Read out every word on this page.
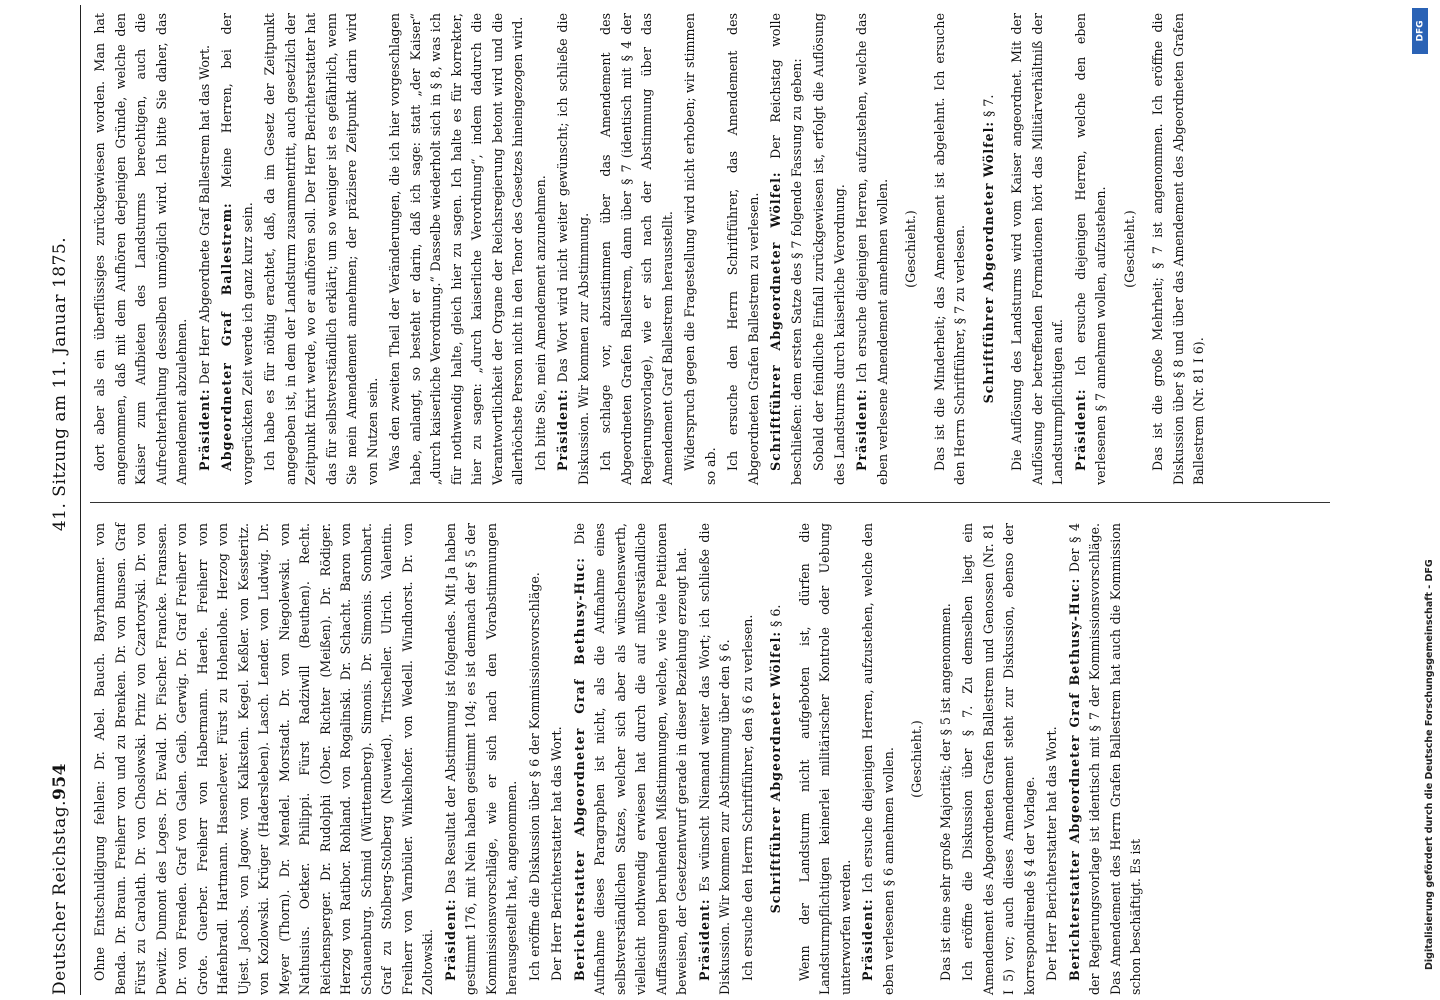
954
41. Sitzung am 11. Januar 1875.
Deutscher Reichstag. Ohne Entschuldigung fehlen: Dr. Abel. Bauch. Bayrhammer. von Benda. Dr. Braun. Freiherr von und zu Brenken. Dr. von Bunsen. Graf Fürst zu Carolath. Dr. von Choslowski. Prinz von Czartoryski. Dr. von Dewitz. Dumont des Loges. Dr. Ewald. Dr. Fischer. Francke. Franssen. Dr. von Frenden. Graf von Galen. Geib. Gerwig. Dr. Graf Freiherr von Grote. Guerber. Freiherr von Habermann. Haerle. Freiherr von Hafenbradl. Hartmann. Hasenclever. Fürst zu Hohenlohe. Herzog von Ujest. Jacobs. von Jagow. von Kalkstein. Kegel. Keßler. von Kessteritz. von Kozlowski. Krüger (Hadersleben). Lasch. Lender. von Ludwig. Dr. Meyer (Thorn). Dr. Mendel. Morstadt. Dr. von Niegolewski. von Nathusius. Oetker. Philippi. Fürst Radziwill (Beuthen). Recht. Reichensperger. Dr. Rudolphi (Ober. Richter (Meißen). Dr. Rödiger. Herzog von Ratibor. Rohland. von Rogalinski. Dr. Schacht. Baron von Schauenburg. Schmid (Württemberg). Simonis. Dr. Simonis. Sombart. Graf zu Stolberg-Stolberg (Neuwied). Tritscheller. Ulrich. Valentin. Freiherr von Varnbüler. Winkelhofer. von Wedell. Windhorst. Dr. von Zoltowski. Präsident: Das Resultat der Abstimmung ist folgendes. Mit Ja haben gestimmt 176, mit Nein haben gestimmt 104; es ist demnach der § 5 der Kommissionsvorschläge, wie er sich nach den Vorabstimmungen herausgestellt hat, angenommen. Ich eröffne die Diskussion über § 6 der Kommissionsvorschläge. Der Herr Berichterstatter hat das Wort. Berichterstatter Abgeordneter Graf Bethusy-Huc: Die Aufnahme dieses Paragraphen ist nicht, als die Aufnahme eines selbstverständlichen Satzes, welcher sich aber als wünschenswerth, vielleicht nothwendig erwiesen hat durch die auf mißverständliche Auffassungen beruhenden Mißstimmungen, welche, wie viele Petitionen beweisen, der Gesetzentwurf gerade in dieser Beziehung erzeugt hat. Präsident: Es wünscht Niemand weiter das Wort; ich schließe die Diskussion. Wir kommen zur Abstimmung über den § 6. Ich ersuche den Herrn Schriftführer, den § 6 zu verlesen. Schriftführer Abgeordneter Wölfel: § 6. Wenn der Landsturm nicht aufgeboten ist, dürfen die Landsturmpflichtigen keinerlei militärischer Kontrole oder Uebung unterworfen werden. Präsident: Ich ersuche diejenigen Herren, aufzustehen, welche den eben verlesenen § 6 annehmen wollen. (Geschieht.) Das ist eine sehr große Majorität; der § 5 ist angenommen. Ich eröffne die Diskussion über § 7. Zu demselben liegt ein Amendement des Abgeordneten Grafen Ballestrem und Genossen (Nr. 81 I 5) vor; auch dieses Amendement steht zur Diskussion, ebenso der korrespondirende § 4 der Vorlage. Der Herr Berichterstatter hat das Wort. Berichterstatter Abgeordneter Graf Bethusy-Huc: Der § 4 der Regierungsvorlage ist identisch mit § 7 der Kommissionsvorschläge. Das Amendement des Herrn Grafen Ballestrem hat auch die Kommission schon beschäftigt. Es ist

dort aber als ein überflüssiges zurückgewiesen worden. Man hat angenommen, daß mit dem Aufhören derjenigen Gründe, welche den Kaiser zum Aufbieten des Landsturms berechtigen, auch die Aufrechterhaltung desselben unmöglich wird. Ich bitte Sie daher, das Amendement abzulehnen. Präsident: Der Herr Abgeordnete Graf Ballestrem hat das Wort. Abgeordneter Graf Ballestrem: Meine Herren, bei der vorgerückten Zeit werde ich ganz kurz sein. Ich habe es für nöthig erachtet, daß, da im Gesetz der Zeitpunkt angegeben ist, in dem der Landsturm zusammentritt, auch gesetzlich der Zeitpunkt fixirt werde, wo er aufhören soll. Der Herr Berichterstatter hat das für selbstverständlich erklärt; um so weniger ist es gefährlich, wenn Sie mein Amendement annehmen; der präzisere Zeitpunkt darin wird von Nutzen sein. Was den zweiten Theil der Veränderungen, die ich hier vorgeschlagen habe, anlangt, so besteht er darin, daß ich sage: statt „der Kaiser“ „durch kaiserliche Verordnung.“ Dasselbe wiederholt sich in § 8, was ich für nothwendig halte, gleich hier zu sagen. Ich halte es für korrekter, hier zu sagen: „durch kaiserliche Verordnung“, indem dadurch die Verantwortlichkeit der Organe der Reichsregierung betont wird und die allerhöchste Person nicht in den Tenor des Gesetzes hineingezogen wird. Ich bitte Sie, mein Amendement anzunehmen. Präsident: Das Wort wird nicht weiter gewünscht; ich schließe die Diskussion. Wir kommen zur Abstimmung. Ich schlage vor, abzustimmen über das Amendement des Abgeordneten Grafen Ballestrem, dann über § 7 (identisch mit § 4 der Regierungsvorlage), wie er sich nach der Abstimmung über das Amendement Graf Ballestrem herausstellt. Widerspruch gegen die Fragestellung wird nicht erhoben; wir stimmen so ab. Ich ersuche den Herrn Schriftführer, das Amendement des Abgeordneten Grafen Ballestrem zu verlesen. Schriftführer Abgeordneter Wölfel: Der Reichstag wolle beschließen: dem ersten Satze des § 7 folgende Fassung zu geben: Sobald der feindliche Einfall zurückgewiesen ist, erfolgt die Auflösung des Landsturms durch kaiserliche Verordnung. Präsident: Ich ersuche diejenigen Herren, aufzustehen, welche das eben verlesene Amendement annehmen wollen. (Geschieht.) Das ist die Minderheit; das Amendement ist abgelehnt. Ich ersuche den Herrn Schriftführer, § 7 zu verlesen. Schriftführer Abgeordneter Wölfel: § 7. Die Auflösung des Landsturms wird vom Kaiser angeordnet. Mit der Auflösung der betreffenden Formationen hört das Militärverhältniß der Landsturmpflichtigen auf. Präsident: Ich ersuche diejenigen Herren, welche den eben verlesenen § 7 annehmen wollen, aufzustehen. (Geschieht.) Das ist die große Mehrheit; § 7 ist angenommen. Ich eröffne die Diskussion über § 8 und über das Amendement des Abgeordneten Grafen Ballestrem (Nr. 81 I 6).

Digitalisierung gefördert durch die Deutsche Forschungsgemeinschaft - DFG
DFG
